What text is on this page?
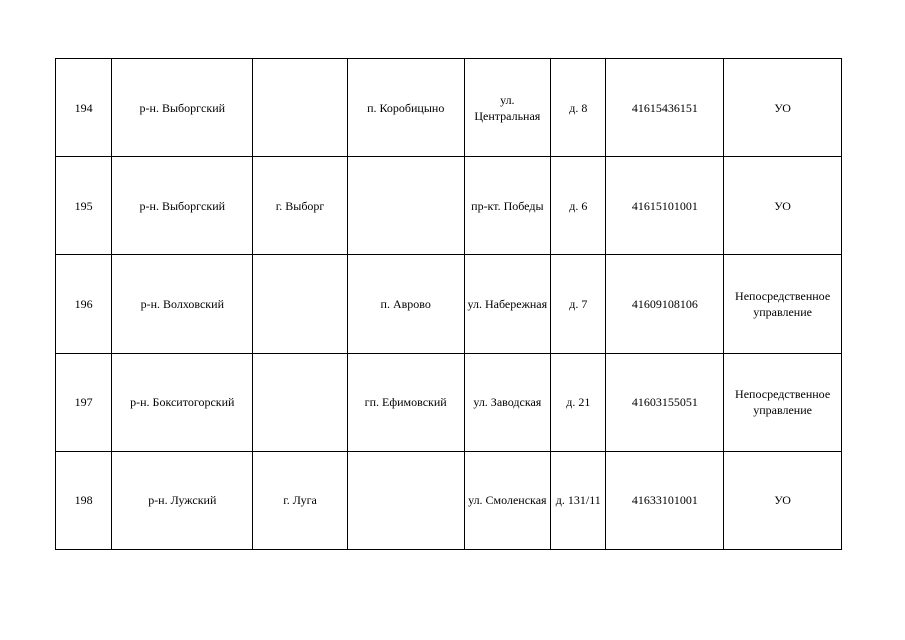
194	р-н. Выборгский		п. Коробицыно	ул. Центральная	д. 8	41615436151	УО
195	р-н. Выборгский	г. Выборг		пр-кт. Победы	д. 6	41615101001	УО
196	р-н. Волховский		п. Аврово	ул. Набережная	д. 7	41609108106	Непосредственное управление
197	р-н. Бокситогорский		гп. Ефимовский	ул. Заводская	д. 21	41603155051	Непосредственное управление
198	р-н. Лужский	г. Луга		ул. Смоленская	д. 131/11	41633101001	УО
